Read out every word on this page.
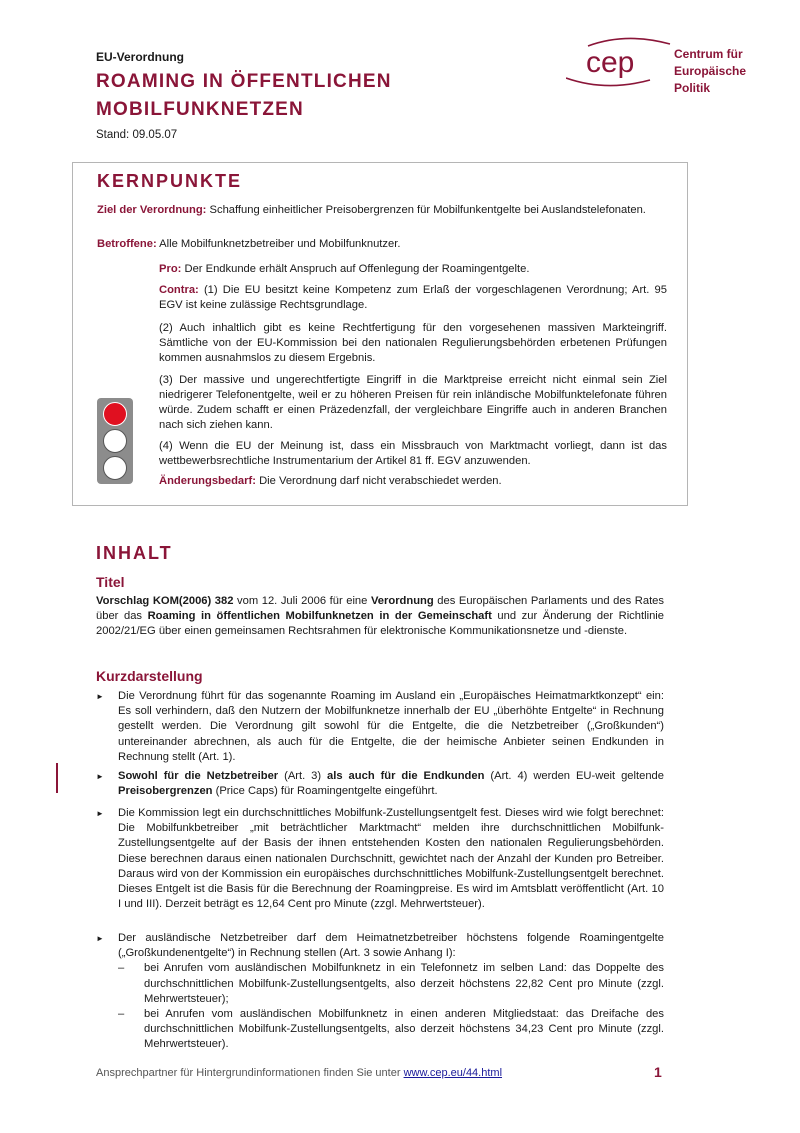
EU-Verordnung
ROAMING IN ÖFFENTLICHEN
MOBILFUNKNETZEN
Stand: 09.05.07
cep	Centrum für
Europäische
Politik
KERNPUNKTE
Ziel der Verordnung: Schaffung einheitlicher Preisobergrenzen für Mobilfunkentgelte bei Auslandstelefonaten.
Betroffene: Alle Mobilfunknetzbetreiber und Mobilfunknutzer.
Pro: Der Endkunde erhält Anspruch auf Offenlegung der Roamingentgelte.
Contra: (1) Die EU besitzt keine Kompetenz zum Erlaß der vorgeschlagenen Verordnung; Art. 95 EGV ist keine zulässige Rechtsgrundlage.
(2) Auch inhaltlich gibt es keine Rechtfertigung für den vorgesehenen massiven Markteingriff. Sämtliche von der EU-Kommission bei den nationalen Regulierungsbehörden erbetenen Prüfungen kommen ausnahmslos zu diesem Ergebnis.
(3) Der massive und ungerechtfertigte Eingriff in die Marktpreise erreicht nicht einmal sein Ziel niedrigerer Telefonentgelte, weil er zu höheren Preisen für rein inländische Mobilfunktelefonate führen würde. Zudem schafft er einen Präzedenzfall, der vergleichbare Eingriffe auch in anderen Branchen nach sich ziehen kann.
(4) Wenn die EU der Meinung ist, dass ein Missbrauch von Marktmacht vorliegt, dann ist das wettbewerbsrechtliche Instrumentarium der Artikel 81 ff. EGV anzuwenden.
Änderungsbedarf: Die Verordnung darf nicht verabschiedet werden.
INHALT
Titel
Vorschlag KOM(2006) 382 vom 12. Juli 2006 für eine Verordnung des Europäischen Parlaments und des Rates über das Roaming in öffentlichen Mobilfunknetzen in der Gemeinschaft und zur Änderung der Richtlinie 2002/21/EG über einen gemeinsamen Rechtsrahmen für elektronische Kommunikationsnetze und -dienste.
Kurzdarstellung
► Die Verordnung führt für das sogenannte Roaming im Ausland ein „Europäisches Heimatmarktkonzept“ ein: Es soll verhindern, daß den Nutzern der Mobilfunknetze innerhalb der EU „überhöhte Entgelte“ in Rechnung gestellt werden. Die Verordnung gilt sowohl für die Entgelte, die die Netzbetreiber („Großkunden“) untereinander abrechnen, als auch für die Entgelte, die der heimische Anbieter seinen Endkunden in Rechnung stellt (Art. 1).
► Sowohl für die Netzbetreiber (Art. 3) als auch für die Endkunden (Art. 4) werden EU-weit geltende Preisobergrenzen (Price Caps) für Roamingentgelte eingeführt.
► Die Kommission legt ein durchschnittliches Mobilfunk-Zustellungsentgelt fest. Dieses wird wie folgt berechnet: Die Mobilfunkbetreiber „mit beträchtlicher Marktmacht“ melden ihre durchschnittlichen Mobilfunk-Zustellungsentgelte auf der Basis der ihnen entstehenden Kosten den nationalen Regulierungsbehörden. Diese berechnen daraus einen nationalen Durchschnitt, gewichtet nach der Anzahl der Kunden pro Betreiber. Daraus wird von der Kommission ein europäisches durchschnittliches Mobilfunk-Zustellungsentgelt berechnet. Dieses Entgelt ist die Basis für die Berechnung der Roamingpreise. Es wird im Amtsblatt veröffentlicht (Art. 10 I und III). Derzeit beträgt es 12,64 Cent pro Minute (zzgl. Mehrwertsteuer).
► Der ausländische Netzbetreiber darf dem Heimatnetzbetreiber höchstens folgende Roamingentgelte („Großkundenentgelte“) in Rechnung stellen (Art. 3 sowie Anhang I):
– bei Anrufen vom ausländischen Mobilfunknetz in ein Telefonnetz im selben Land: das Doppelte des durchschnittlichen Mobilfunk-Zustellungsentgelts, also derzeit höchstens 22,82 Cent pro Minute (zzgl. Mehrwertsteuer);
– bei Anrufen vom ausländischen Mobilfunknetz in einen anderen Mitgliedstaat: das Dreifache des durchschnittlichen Mobilfunk-Zustellungsentgelts, also derzeit höchstens 34,23 Cent pro Minute (zzgl. Mehrwertsteuer).
Ansprechpartner für Hintergrundinformationen finden Sie unter www.cep.eu/44.html	1
